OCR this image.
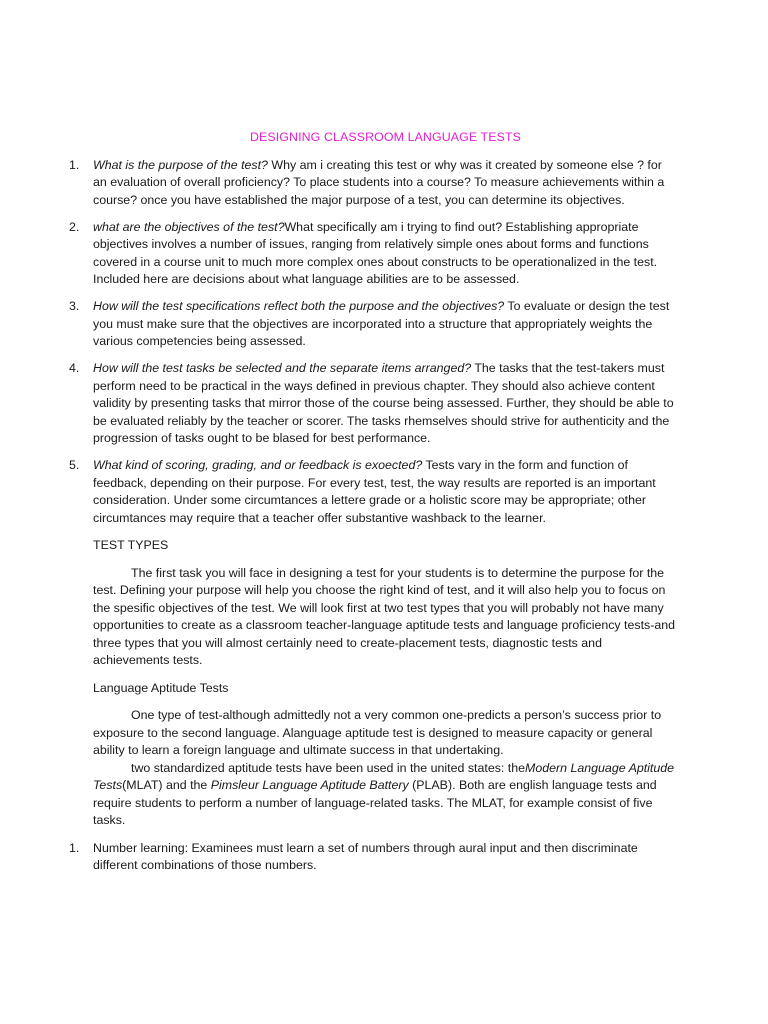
DESIGNING CLASSROOM LANGUAGE TESTS
1. What is the purpose of the test? Why am i creating this test or why was it created by someone else ? for an evaluation of overall proficiency? To place students into a course? To measure achievements within a course? once you have established the major purpose of a test, you can determine its objectives.
2. what are the objectives of the test?What specifically am i trying to find out? Establishing appropriate objectives involves a number of issues, ranging from relatively simple ones about forms and functions covered in a course unit to much more complex ones about constructs to be operationalized in the test. Included here are decisions about what language abilities are to be assessed.
3. How will the test specifications reflect both the purpose and the objectives? To evaluate or design the test you must make sure that the objectives are incorporated into a structure that appropriately weights the various competencies being assessed.
4. How will the test tasks be selected and the separate items arranged? The tasks that the test-takers must perform need to be practical in the ways defined in previous chapter. They should also achieve content validity by presenting tasks that mirror those of the course being assessed. Further, they should be able to be evaluated reliably by the teacher or scorer. The tasks rhemselves should strive for authenticity and the progression of tasks ought to be blased for best performance.
5. What kind of scoring, grading, and or feedback is exoected? Tests vary in the form and function of feedback, depending on their purpose. For every test, test, the way results are reported is an important consideration. Under some circumtances a lettere grade or a holistic score may be appropriate; other circumtances may require that a teacher offer substantive washback to the learner.
TEST TYPES
The first task you will face in designing a test for your students is to determine the purpose for the test. Defining your purpose will help you choose the right kind of test, and it will also help you to focus on the spesific objectives of the test. We will look first at two test types that you will probably not have many opportunities to create as a classroom teacher-language aptitude tests and language proficiency tests-and three types that you will almost certainly need to create-placement tests, diagnostic tests and achievements tests.
Language Aptitude Tests
One type of test-although admittedly not a very common one-predicts a person’s success prior to exposure to the second language. Alanguage aptitude test is designed to measure capacity or general ability to learn a foreign language and ultimate success in that undertaking.
two standardized aptitude tests have been used in the united states: theModern Language Aptitude Tests(MLAT) and the Pimsleur Language Aptitude Battery (PLAB). Both are english language tests and require students to perform a number of language-related tasks. The MLAT, for example consist of five tasks.
1. Number learning: Examinees must learn a set of numbers through aural input and then discriminate different combinations of those numbers.
